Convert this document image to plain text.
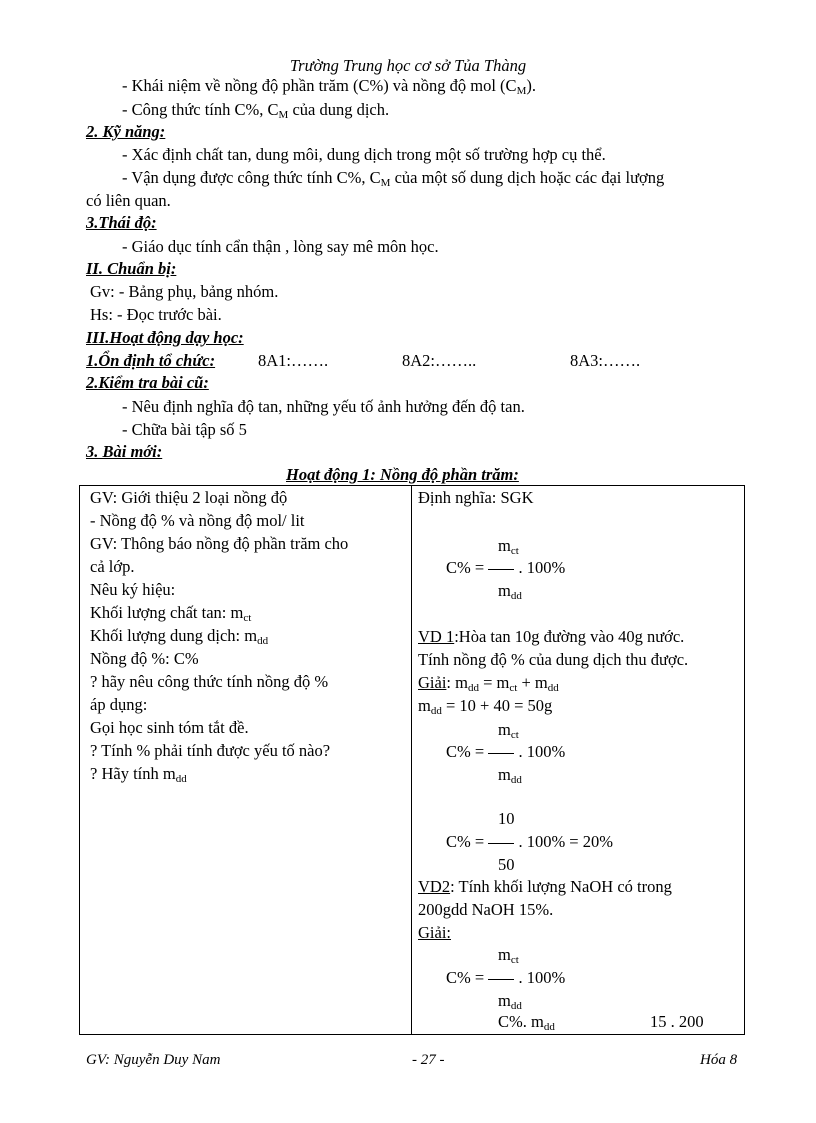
Trường Trung học cơ sở Tủa Thàng
- Khái niệm về nồng độ phần trăm (C%) và nồng độ mol $(C_M)$.
- Công thức tính C%, $C_M$ của dung dịch.
2. Kỹ năng:
- Xác định chất tan, dung môi, dung dịch trong một số trường hợp cụ thể.
- Vận dụng được công thức tính C%, $C_M$ của một số dung dịch hoặc các đại lượng
có liên quan.
3.Thái độ:
- Giáo dục tính cẩn thận , lòng say mê môn học.
II. Chuẩn bị:
Gv: - Bảng phụ, bảng nhóm.
Hs: - Đọc trước bài.
III.Hoạt động dạy học:
1.Ổn định tổ chức:	8A1:…….	8A2:……..	8A3:…….
2.Kiểm tra bài cũ:
- Nêu định nghĩa độ tan, những yếu tố ảnh hưởng đến độ tan.
- Chữa bài tập số 5
3. Bài mới:
Hoạt động 1: Nồng độ phần trăm:
GV: Giới thiệu 2 loại nồng độ
- Nồng độ % và nồng độ mol/ lit
GV: Thông báo nồng độ phần trăm cho
cả lớp.
Nêu ký hiệu:
Khối lượng chất tan: $m_{ct}$
Khối lượng dung dịch: $m_{dd}$
Nồng độ %: C%
? hãy nêu công thức tính nồng độ %
áp dụng:
Gọi học sinh tóm tắt đề.
? Tính % phải tính được yếu tố nào?
? Hãy tính $m_{dd}$

Định nghĩa: SGK
$m_{ct}$
C% = . 100%
$m_{dd}$
VD 1:Hòa tan 10g đường vào 40g nước.
Tính nồng độ % của dung dịch thu được.
Giải: $m_{dd} = m_{ct} + m_{dd}$
$m_{dd} = 10 + 40 = 50g$
$m_{ct}$
C% = . 100%
$m_{dd}$
10
C% = . 100% = 20%
50
VD2: Tính khối lượng NaOH có trong
200gdd NaOH 15%.
Giải:
$m_{ct}$
C% = . 100%
$m_{dd}$
C%. $m_{dd}$	15 . 200
GV: Nguyễn Duy Nam	- 27 -	Hóa 8
